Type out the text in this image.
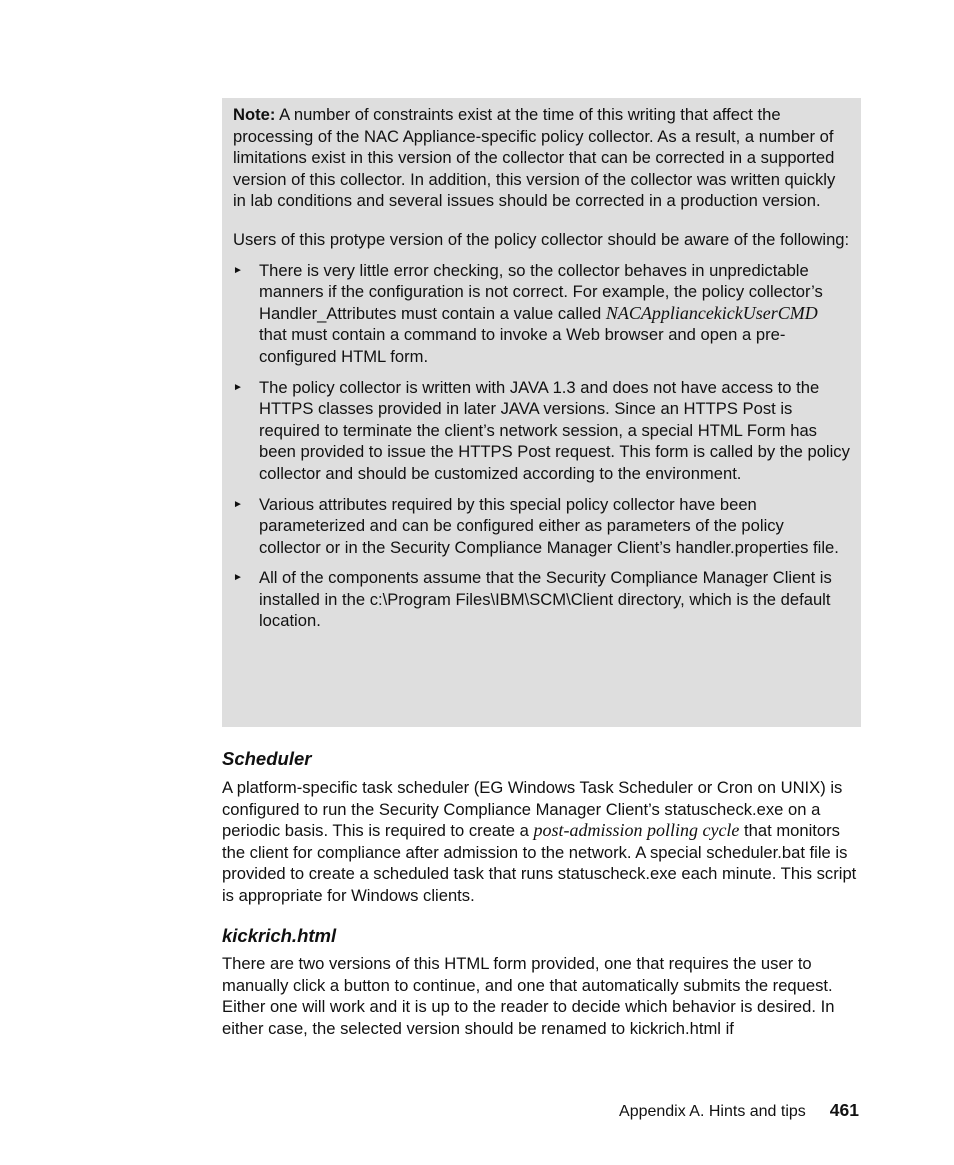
Note: A number of constraints exist at the time of this writing that affect the processing of the NAC Appliance-specific policy collector. As a result, a number of limitations exist in this version of the collector that can be corrected in a supported version of this collector. In addition, this version of the collector was written quickly in lab conditions and several issues should be corrected in a production version.

Users of this protype version of the policy collector should be aware of the following:

► There is very little error checking, so the collector behaves in unpredictable manners if the configuration is not correct. For example, the policy collector’s Handler_Attributes must contain a value called NACAppliancekickUserCMD that must contain a command to invoke a Web browser and open a pre-configured HTML form.
► The policy collector is written with JAVA 1.3 and does not have access to the HTTPS classes provided in later JAVA versions. Since an HTTPS Post is required to terminate the client’s network session, a special HTML Form has been provided to issue the HTTPS Post request. This form is called by the policy collector and should be customized according to the environment.
► Various attributes required by this special policy collector have been parameterized and can be configured either as parameters of the policy collector or in the Security Compliance Manager Client’s handler.properties file.
► All of the components assume that the Security Compliance Manager Client is installed in the c:\Program Files\IBM\SCM\Client directory, which is the default location.
Scheduler

A platform-specific task scheduler (EG Windows Task Scheduler or Cron on UNIX) is configured to run the Security Compliance Manager Client’s statuscheck.exe on a periodic basis. This is required to create a post-admission polling cycle that monitors the client for compliance after admission to the network. A special scheduler.bat file is provided to create a scheduled task that runs statuscheck.exe each minute. This script is appropriate for Windows clients.

kickrich.html

There are two versions of this HTML form provided, one that requires the user to manually click a button to continue, and one that automatically submits the request. Either one will work and it is up to the reader to decide which behavior is desired. In either case, the selected version should be renamed to kickrich.html if

Appendix A. Hints and tips 461
